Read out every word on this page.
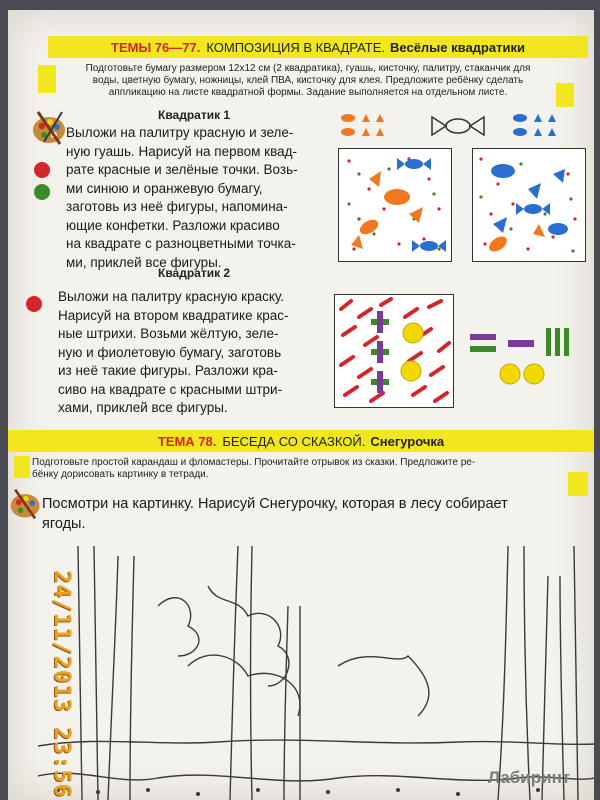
ТЕМЫ 76—77. КОМПОЗИЦИЯ В КВАДРАТЕ. Весёлые квадратики
Подготовьте бумагу размером 12x12 см (2 квадратика), гуашь, кисточку, палитру, стаканчик для
воды, цветную бумагу, ножницы, клей ПВА, кисточку для клея. Предложите ребёнку сделать
аппликацию на листе квадратной формы. Задание выполняется на отдельном листе.
Квадратик 1
Выложи на палитру красную и зеле-
ную гуашь. Нарисуй на первом квад-
рате красные и зелёные точки. Возь-
ми синюю и оранжевую бумагу,
заготовь из неё фигуры, напомина-
ющие конфетки. Разложи красиво
на квадрате с разноцветными точка-
ми, приклей все фигуры.
Квадратик 2
Выложи на палитру красную краску.
Нарисуй на втором квадратике крас-
ные штрихи. Возьми жёлтую, зеле-
ную и фиолетовую бумагу, заготовь
из неё такие фигуры. Разложи кра-
сиво на квадрате с красными штри-
хами, приклей все фигуры.
ТЕМА 78. БЕСЕДА СО СКАЗКОЙ. Снегурочка
Подготовьте простой карандаш и фломастеры. Прочитайте отрывок из сказки. Предложите ре-
бёнку дорисовать картинку в тетради.
Посмотри на картинку. Нарисуй Снегурочку, которая в лесу собирает
ягоды.
24/11/2013 23:56	Лабиринт
